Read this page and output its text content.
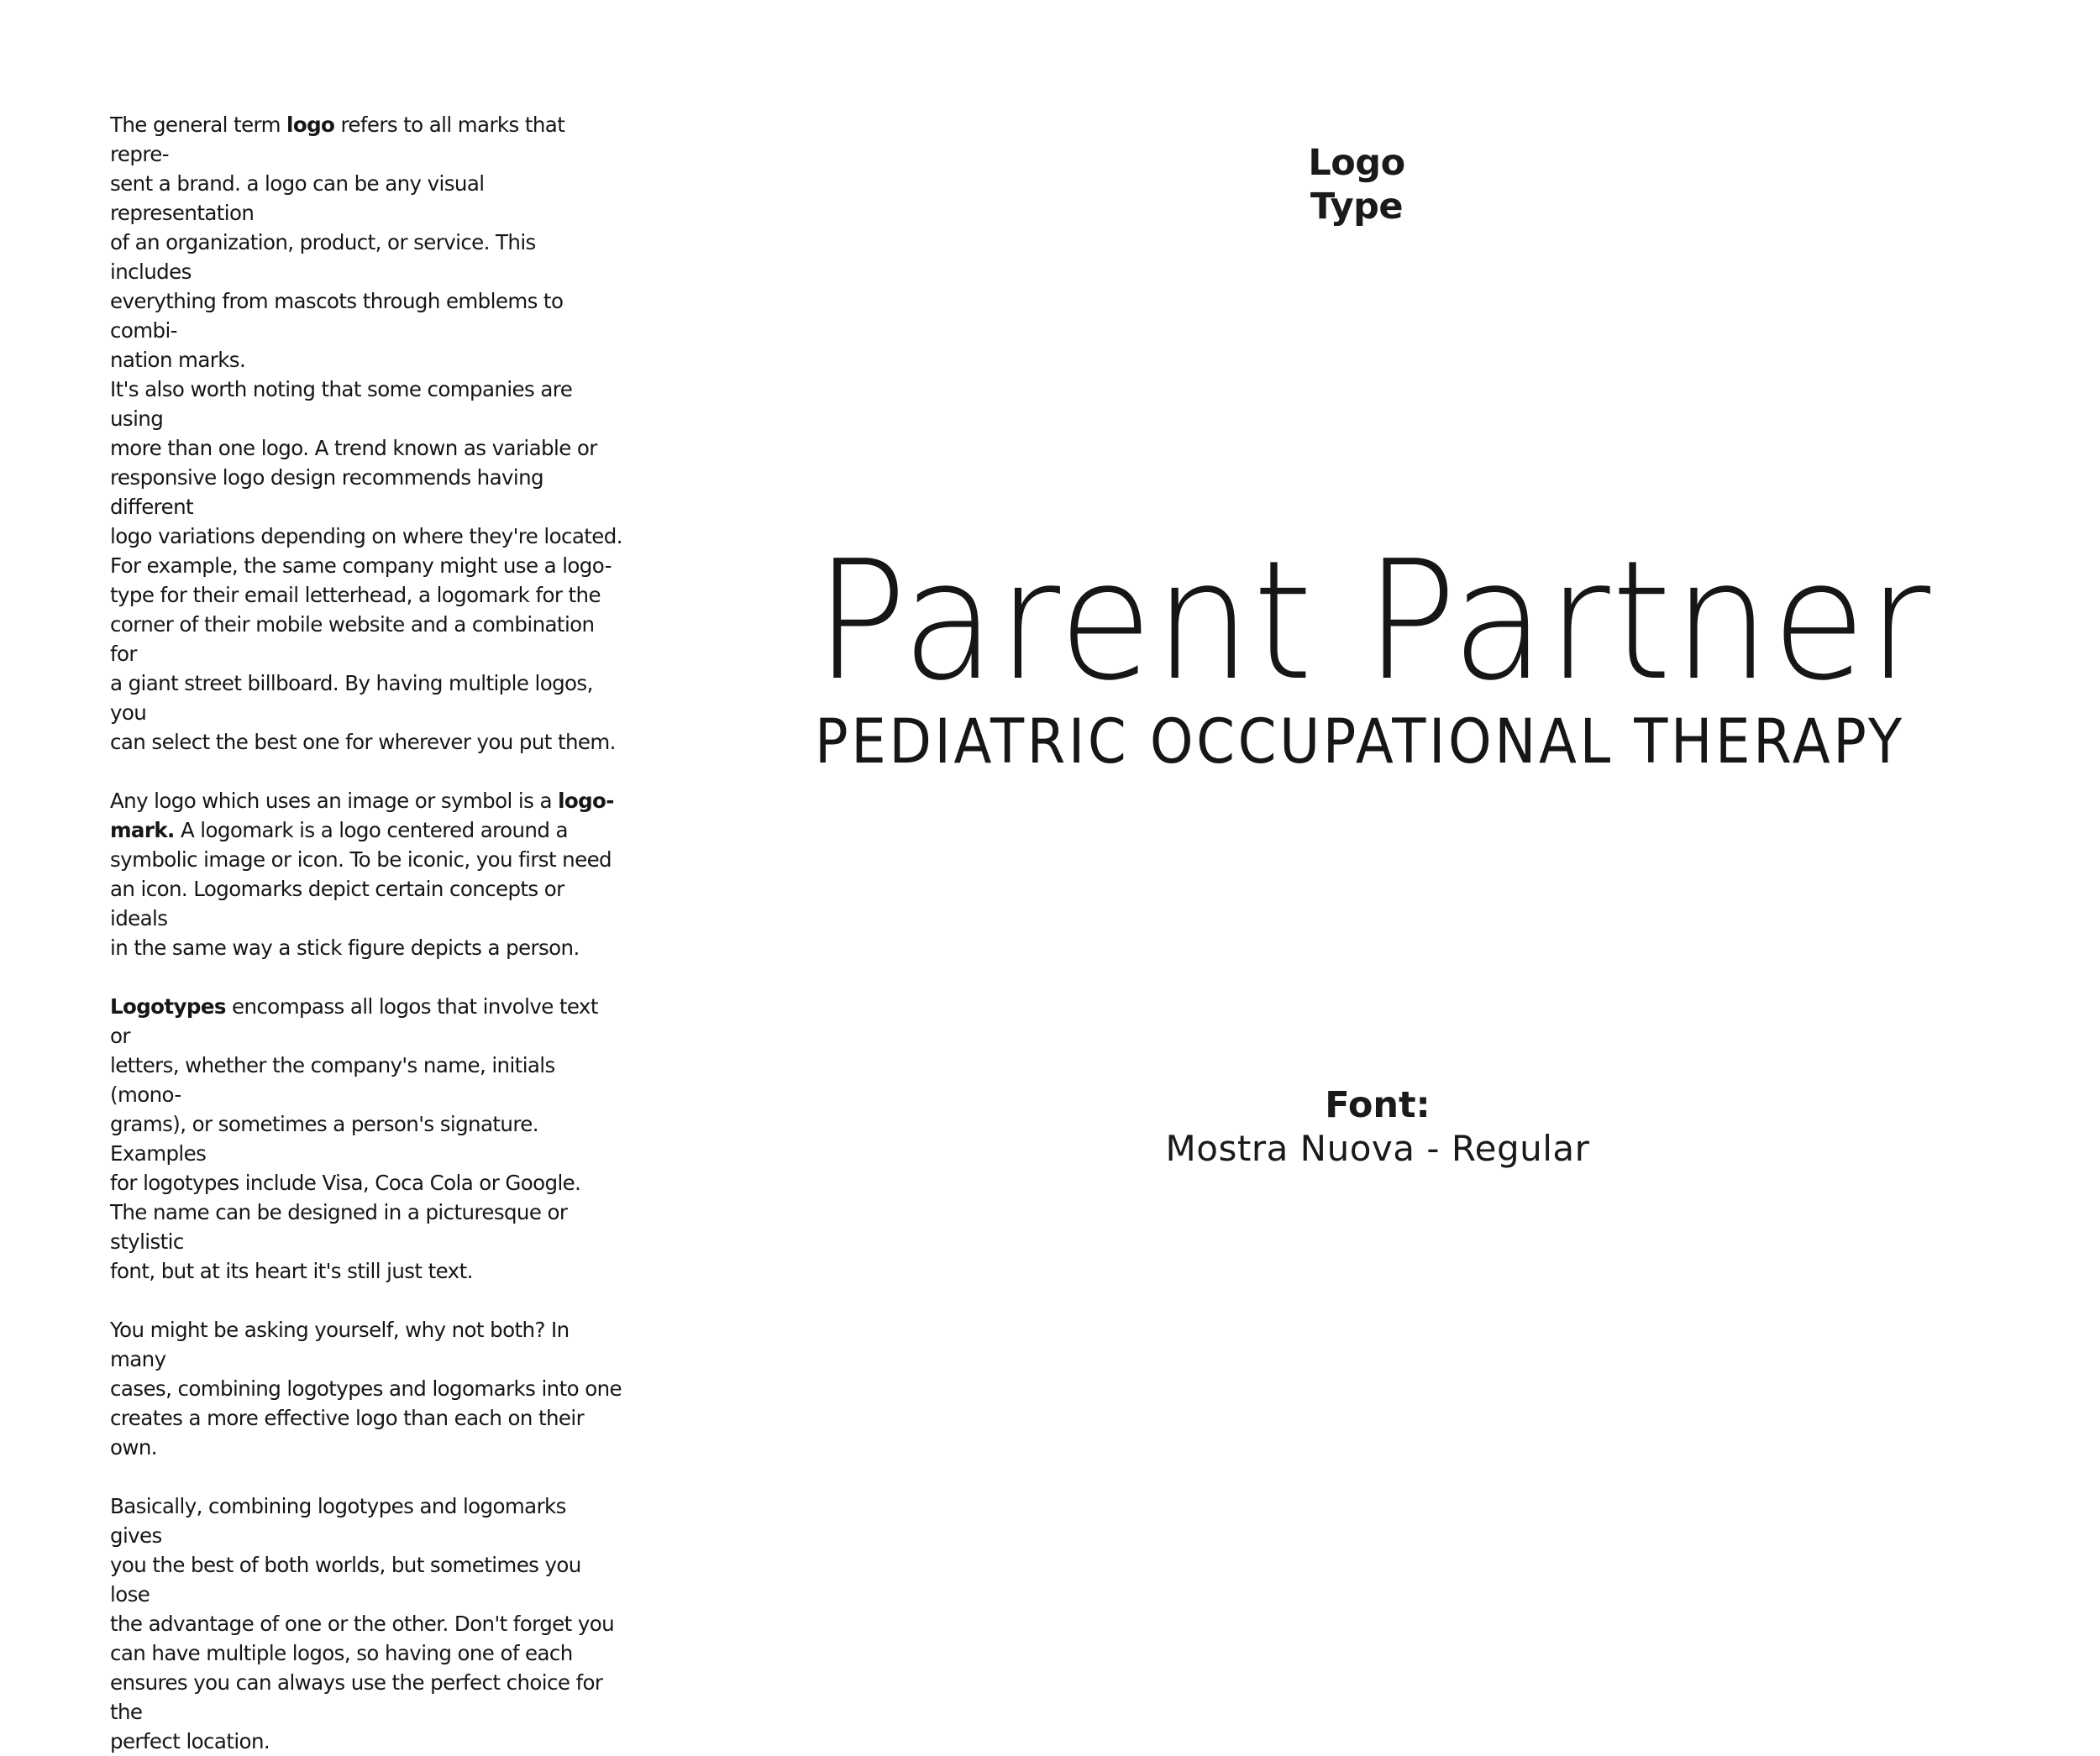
The general term logo refers to all marks that repre-
sent a brand. a logo can be any visual representation
of an organization, product, or service. This includes
everything from mascots through emblems to combi-
nation marks.
It's also worth noting that some companies are using
more than one logo. A trend known as variable or
responsive logo design recommends having different
logo variations depending on where they're located.
For example, the same company might use a logo-
type for their email letterhead, a logomark for the
corner of their mobile website and a combination for
a giant street billboard. By having multiple logos, you
can select the best one for wherever you put them.

Any logo which uses an image or symbol is a logo-
mark. A logomark is a logo centered around a
symbolic image or icon. To be iconic, you first need
an icon. Logomarks depict certain concepts or ideals
in the same way a stick figure depicts a person.

Logotypes encompass all logos that involve text or
letters, whether the company's name, initials (mono-
grams), or sometimes a person's signature. Examples
for logotypes include Visa, Coca Cola or Google.
The name can be designed in a picturesque or stylistic
font, but at its heart it's still just text.

You might be asking yourself, why not both? In many
cases, combining logotypes and logomarks into one
creates a more effective logo than each on their own.

Basically, combining logotypes and logomarks gives
you the best of both worlds, but sometimes you lose
the advantage of one or the other. Don't forget you
can have multiple logos, so having one of each
ensures you can always use the perfect choice for the
perfect location.

Logo Type
Parent Partner
PEDIATRIC OCCUPATIONAL THERAPY
Font:
Mostra Nuova - Regular
